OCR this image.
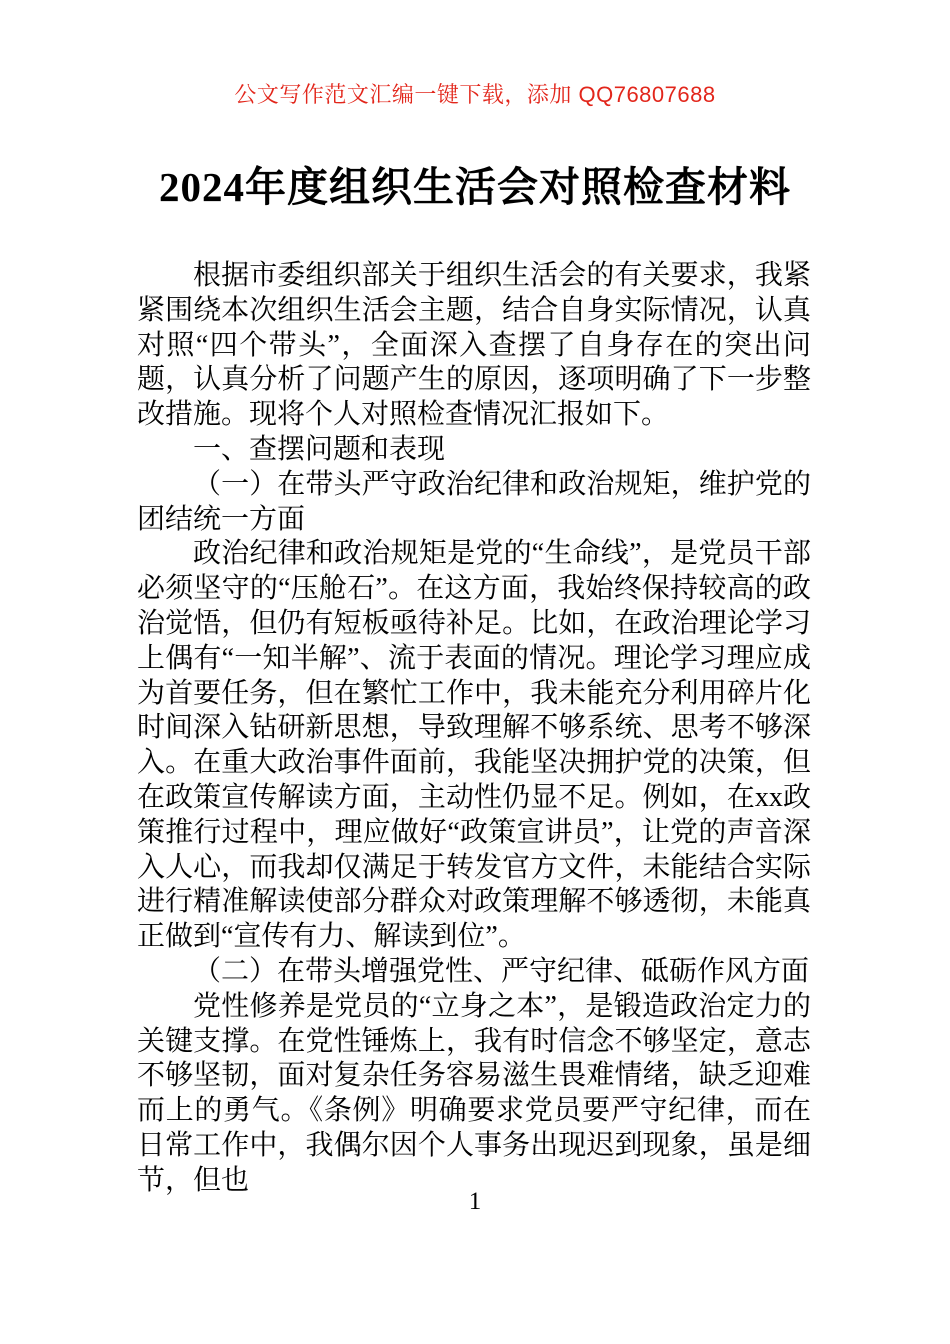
公文写作范文汇编一键下载，添加 QQ76807688
2024年度组织生活会对照检查材料

根据市委组织部关于组织生活会的有关要求，我紧紧围绕本次组织生活会主题，结合自身实际情况，认真对照“四个带头”，全面深入查摆了自身存在的突出问题，认真分析了问题产生的原因，逐项明确了下一步整改措施。现将个人对照检查情况汇报如下。

一、查摆问题和表现

（一）在带头严守政治纪律和政治规矩，维护党的团结统一方面

政治纪律和政治规矩是党的“生命线”，是党员干部必须坚守的“压舱石”。在这方面，我始终保持较高的政治觉悟，但仍有短板亟待补足。比如，在政治理论学习上偶有“一知半解”、流于表面的情况。理论学习理应成为首要任务，但在繁忙工作中，我未能充分利用碎片化时间深入钻研新思想，导致理解不够系统、思考不够深入。在重大政治事件面前，我能坚决拥护党的决策，但在政策宣传解读方面，主动性仍显不足。例如，在xx政策推行过程中，理应做好“政策宣讲员”，让党的声音深入人心，而我却仅满足于转发官方文件，未能结合实际进行精准解读使部分群众对政策理解不够透彻，未能真正做到“宣传有力、解读到位”。

（二）在带头增强党性、严守纪律、砥砺作风方面

党性修养是党员的“立身之本”，是锻造政治定力的关键支撑。在党性锤炼上，我有时信念不够坚定，意志不够坚韧，面对复杂任务容易滋生畏难情绪，缺乏迎难而上的勇气。《条例》明确要求党员要严守纪律，而在日常工作中，我偶尔因个人事务出现迟到现象，虽是细节，但也

1
